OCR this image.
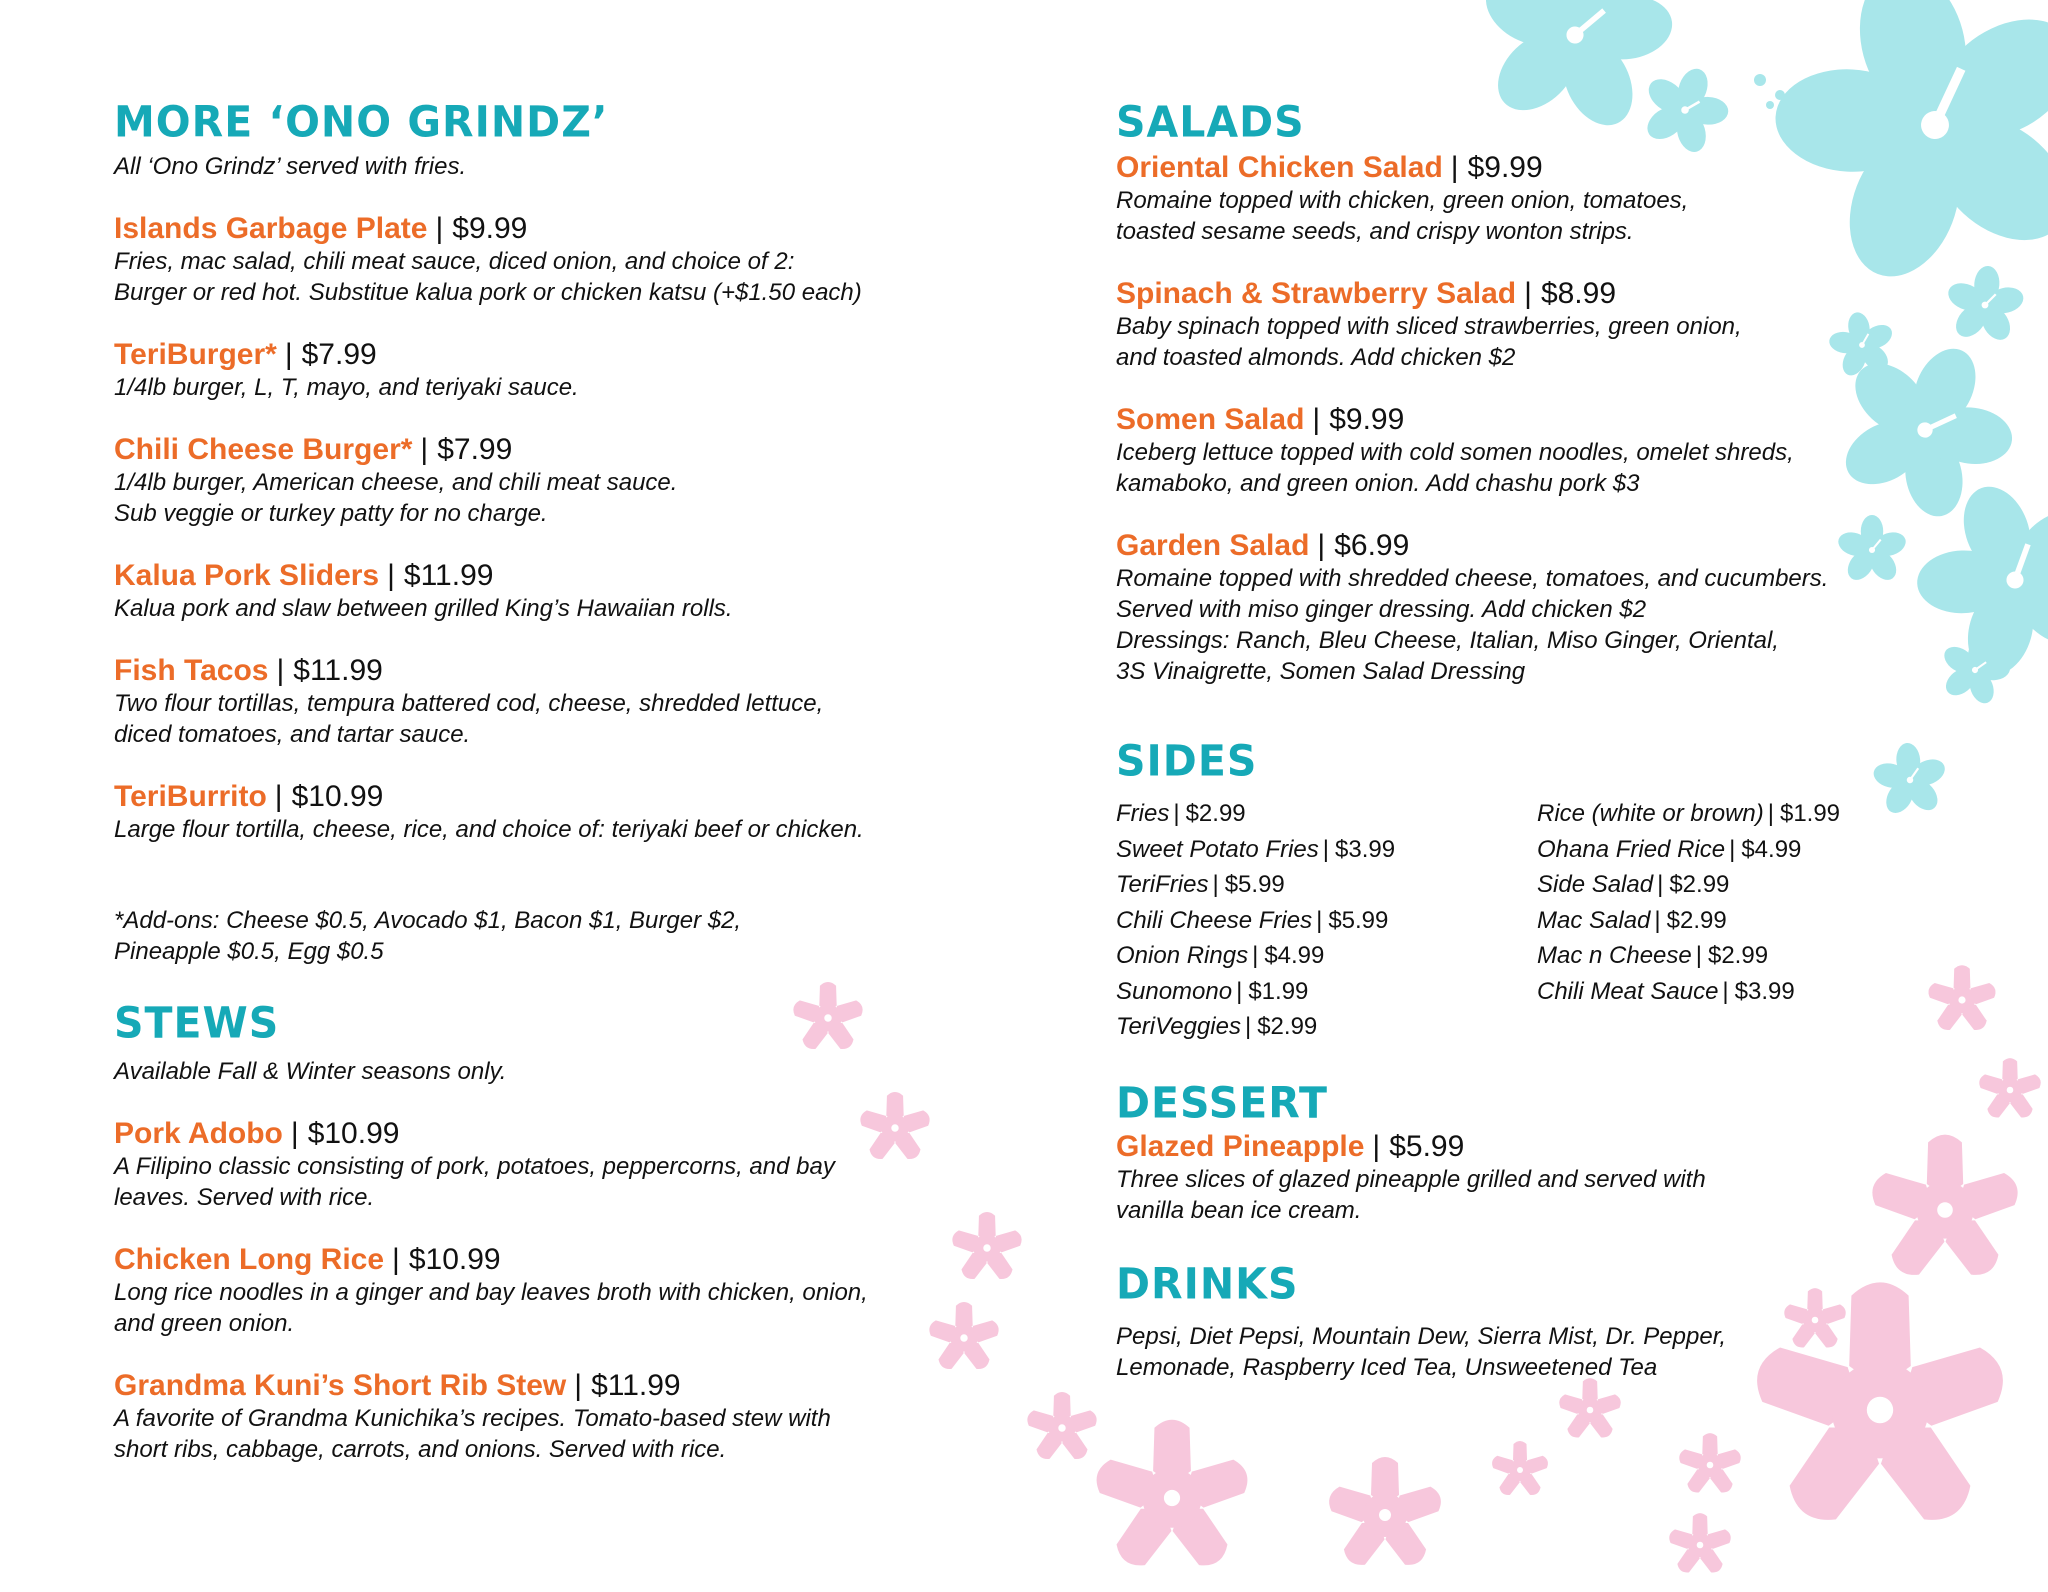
MORE ‘ONO GRINDZ’

All ‘Ono Grindz’ served with fries.

Islands Garbage Plate | $9.99
Fries, mac salad, chili meat sauce, diced onion, and choice of 2:
Burger or red hot. Substitue kalua pork or chicken katsu (+$1.50 each)
TeriBurger* | $7.99
1/4lb burger, L, T, mayo, and teriyaki sauce.
Chili Cheese Burger* | $7.99
1/4lb burger, American cheese, and chili meat sauce.
Sub veggie or turkey patty for no charge.
Kalua Pork Sliders | $11.99
Kalua pork and slaw between grilled King’s Hawaiian rolls.
Fish Tacos | $11.99
Two flour tortillas, tempura battered cod, cheese, shredded lettuce,
diced tomatoes, and tartar sauce.
TeriBurrito | $10.99
Large flour tortilla, cheese, rice, and choice of: teriyaki beef or chicken.
*Add-ons: Cheese $0.5, Avocado $1, Bacon $1, Burger $2,
Pineapple $0.5, Egg $0.5
STEWS

Available Fall & Winter seasons only.

Pork Adobo | $10.99
A Filipino classic consisting of pork, potatoes, peppercorns, and bay
leaves. Served with rice.
Chicken Long Rice | $10.99
Long rice noodles in a ginger and bay leaves broth with chicken, onion,
and green onion.
Grandma Kuni’s Short Rib Stew | $11.99
A favorite of Grandma Kunichika’s recipes. Tomato-based stew with
short ribs, cabbage, carrots, and onions. Served with rice.
SALADS
Oriental Chicken Salad | $9.99
Romaine topped with chicken, green onion, tomatoes,
toasted sesame seeds, and crispy wonton strips.
Spinach & Strawberry Salad | $8.99
Baby spinach topped with sliced strawberries, green onion,
and toasted almonds. Add chicken $2
Somen Salad | $9.99
Iceberg lettuce topped with cold somen noodles, omelet shreds,
kamaboko, and green onion. Add chashu pork $3
Garden Salad | $6.99
Romaine topped with shredded cheese, tomatoes, and cucumbers.
Served with miso ginger dressing. Add chicken $2
Dressings: Ranch, Bleu Cheese, Italian, Miso Ginger, Oriental,
3S Vinaigrette, Somen Salad Dressing
SIDES
Fries | $2.99
Sweet Potato Fries | $3.99
TeriFries | $5.99
Chili Cheese Fries | $5.99
Onion Rings | $4.99
Sunomono | $1.99
TeriVeggies | $2.99
Rice (white or brown) | $1.99
Ohana Fried Rice | $4.99
Side Salad | $2.99
Mac Salad | $2.99
Mac n Cheese | $2.99
Chili Meat Sauce | $3.99
DESSERT
Glazed Pineapple | $5.99
Three slices of glazed pineapple grilled and served with
vanilla bean ice cream.
DRINKS
Pepsi, Diet Pepsi, Mountain Dew, Sierra Mist, Dr. Pepper,
Lemonade, Raspberry Iced Tea, Unsweetened Tea
